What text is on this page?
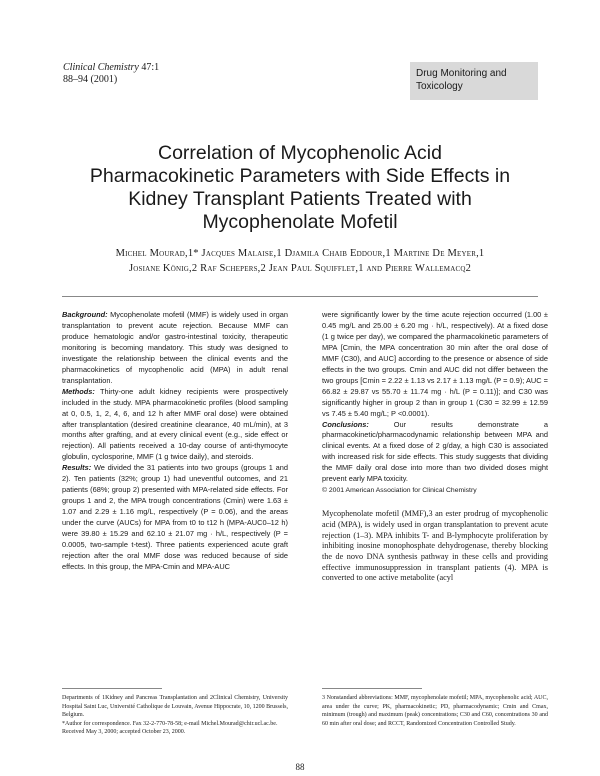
Clinical Chemistry 47:1
88–94 (2001)
Drug Monitoring and
Toxicology
Correlation of Mycophenolic Acid
Pharmacokinetic Parameters with Side Effects in
Kidney Transplant Patients Treated with
Mycophenolate Mofetil
Michel Mourad,1* Jacques Malaise,1 Djamila Chaib Eddour,1 Martine De Meyer,1
Josiane König,2 Raf Schepers,2 Jean Paul Squifflet,1 and Pierre Wallemacq2

Background: Mycophenolate mofetil (MMF) is widely used in organ transplantation to prevent acute rejection. Because MMF can produce hematologic and/or gastro-intestinal toxicity, therapeutic monitoring is becoming mandatory. This study was designed to investigate the relationship between the clinical events and the pharmacokinetics of mycophenolic acid (MPA) in adult renal transplantation.

Methods: Thirty-one adult kidney recipients were prospectively included in the study. MPA pharmacokinetic profiles (blood sampling at 0, 0.5, 1, 2, 4, 6, and 12 h after MMF oral dose) were obtained after transplantation (desired creatinine clearance, 40 mL/min), at 3 months after grafting, and at every clinical event (e.g., side effect or rejection). All patients received a 10-day course of anti-thymocyte globulin, cyclosporine, MMF (1 g twice daily), and steroids.

Results: We divided the 31 patients into two groups (groups 1 and 2). Ten patients (32%; group 1) had uneventful outcomes, and 21 patients (68%; group 2) presented with MPA-related side effects. For groups 1 and 2, the MPA trough concentrations (Cmin) were 1.63 ± 1.07 and 2.29 ± 1.16 mg/L, respectively (P = 0.06), and the areas under the curve (AUCs) for MPA from t0 to t12 h (MPA-AUC0–12 h) were 39.80 ± 15.29 and 62.10 ± 21.07 mg · h/L, respectively (P = 0.0005, two-sample t-test). Three patients experienced acute graft rejection after the oral MMF dose was reduced because of side effects. In this group, the MPA-Cmin and MPA-AUC

were significantly lower by the time acute rejection occurred (1.00 ± 0.45 mg/L and 25.00 ± 6.20 mg · h/L, respectively). At a fixed dose (1 g twice per day), we compared the pharmacokinetic parameters of MPA [Cmin, the MPA concentration 30 min after the oral dose of MMF (C30), and AUC] according to the presence or absence of side effects in the two groups. Cmin and AUC did not differ between the two groups [Cmin = 2.22 ± 1.13 vs 2.17 ± 1.13 mg/L (P = 0.9); AUC = 66.82 ± 29.87 vs 55.70 ± 11.74 mg · h/L (P = 0.11)]; and C30 was significantly higher in group 2 than in group 1 (C30 = 32.99 ± 12.59 vs 7.45 ± 5.40 mg/L; P <0.0001).

Conclusions: Our results demonstrate a pharmacokinetic/pharmacodynamic relationship between MPA and clinical events. At a fixed dose of 2 g/day, a high C30 is associated with increased risk for side effects. This study suggests that dividing the MMF daily oral dose into more than two divided doses might prevent early MPA toxicity.

© 2001 American Association for Clinical Chemistry

Mycophenolate mofetil (MMF),3 an ester prodrug of mycophenolic acid (MPA), is widely used in organ transplantation to prevent acute rejection (1–3). MPA inhibits T- and B-lymphocyte proliferation by inhibiting inosine monophosphate dehydrogenase, thereby blocking the de novo DNA synthesis pathway in these cells and providing effective immunosuppression in transplant patients (4). MPA is converted to one active metabolite (acyl

Departments of 1Kidney and Pancreas Transplantation and 2Clinical Chemistry, University Hospital Saint Luc, Université Catholique de Louvain, Avenue Hippocrate, 10, 1200 Brussels, Belgium.

*Author for correspondence. Fax 32-2-770-78-58; e-mail Michel.Mourad@chir.ucl.ac.be.

Received May 3, 2000; accepted October 23, 2000.

3 Nonstandard abbreviations: MMF, mycophenolate mofetil; MPA, mycophenolic acid; AUC, area under the curve; PK, pharmacokinetic; PD, pharmacodynamic; Cmin and Cmax, minimum (trough) and maximum (peak) concentrations; C30 and C60, concentrations 30 and 60 min after oral dose; and RCCT, Randomized Concentration Controlled Study.

88
